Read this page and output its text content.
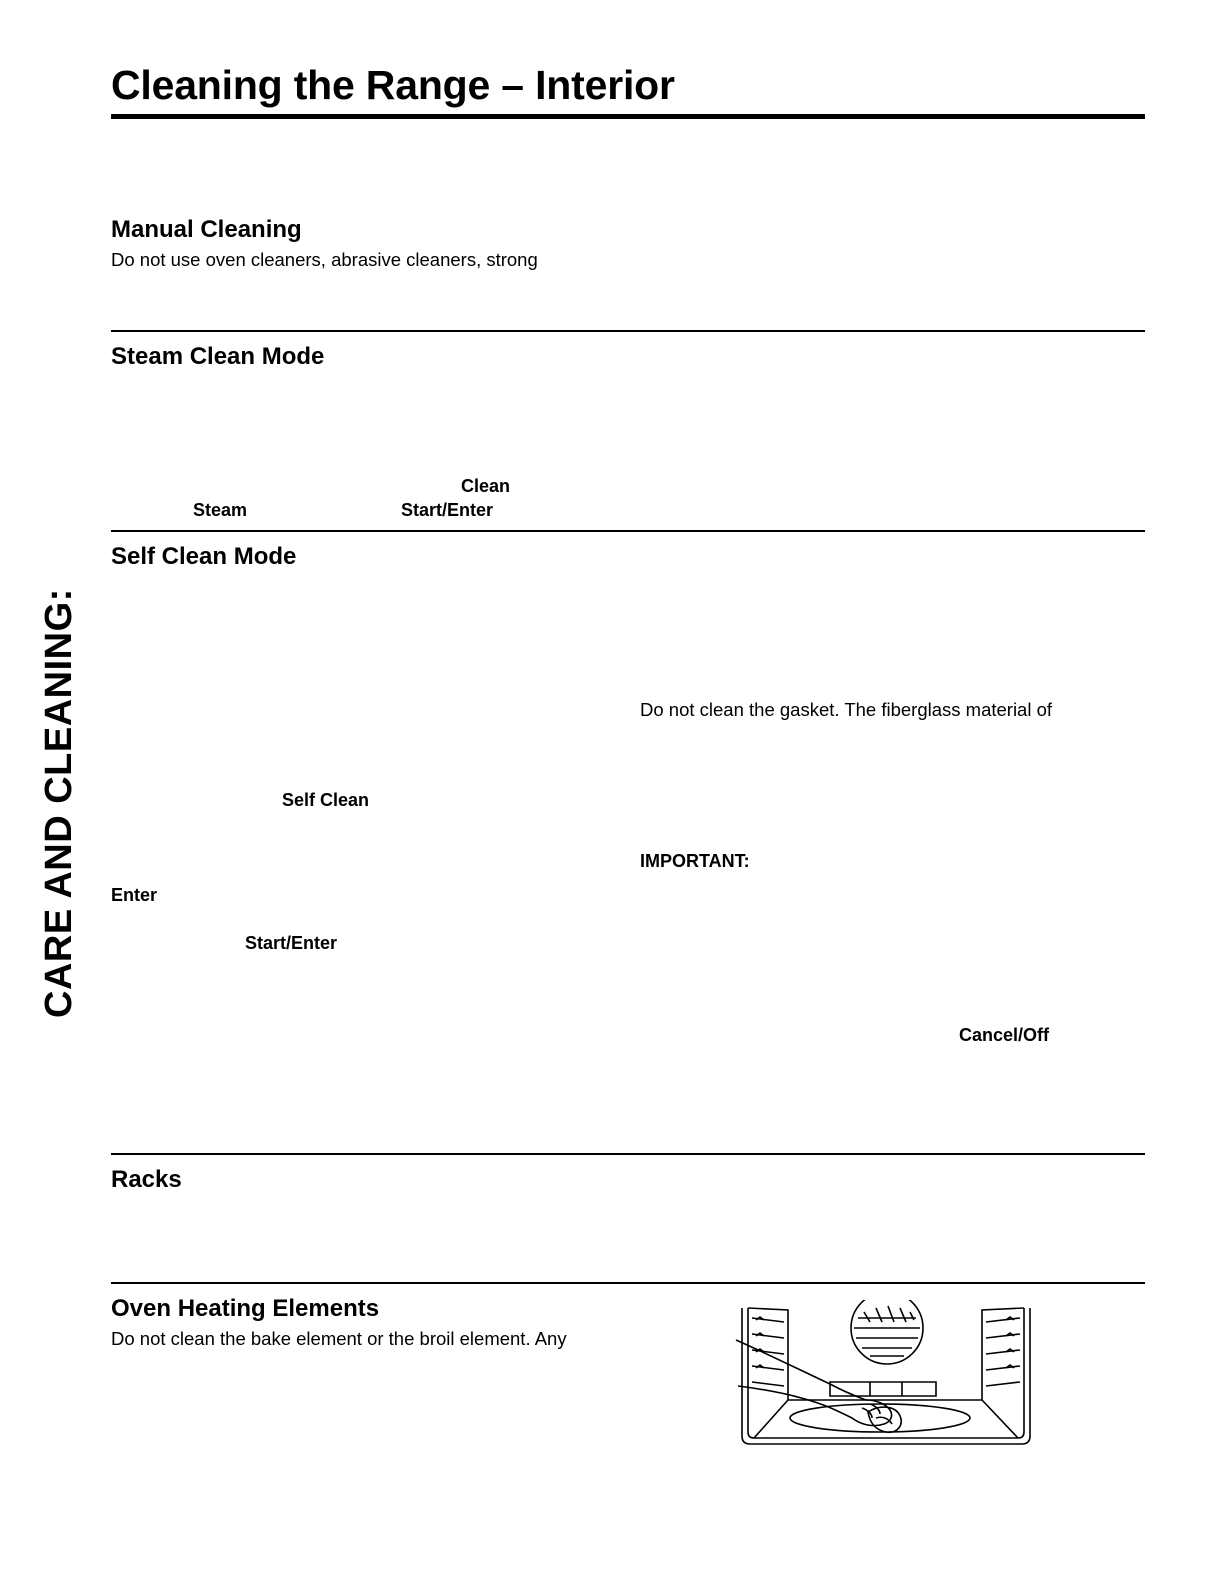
Cleaning the Range – Interior
CARE AND CLEANING:
Manual Cleaning
Do not use oven cleaners, abrasive cleaners, strong
Steam Clean Mode
Clean
Steam	Start/Enter
Self Clean Mode
Do not clean the gasket. The fiberglass material of
Self Clean
IMPORTANT:
Enter
Start/Enter
Cancel/Off
Racks
Oven Heating Elements
Do not clean the bake element or the broil element. Any
